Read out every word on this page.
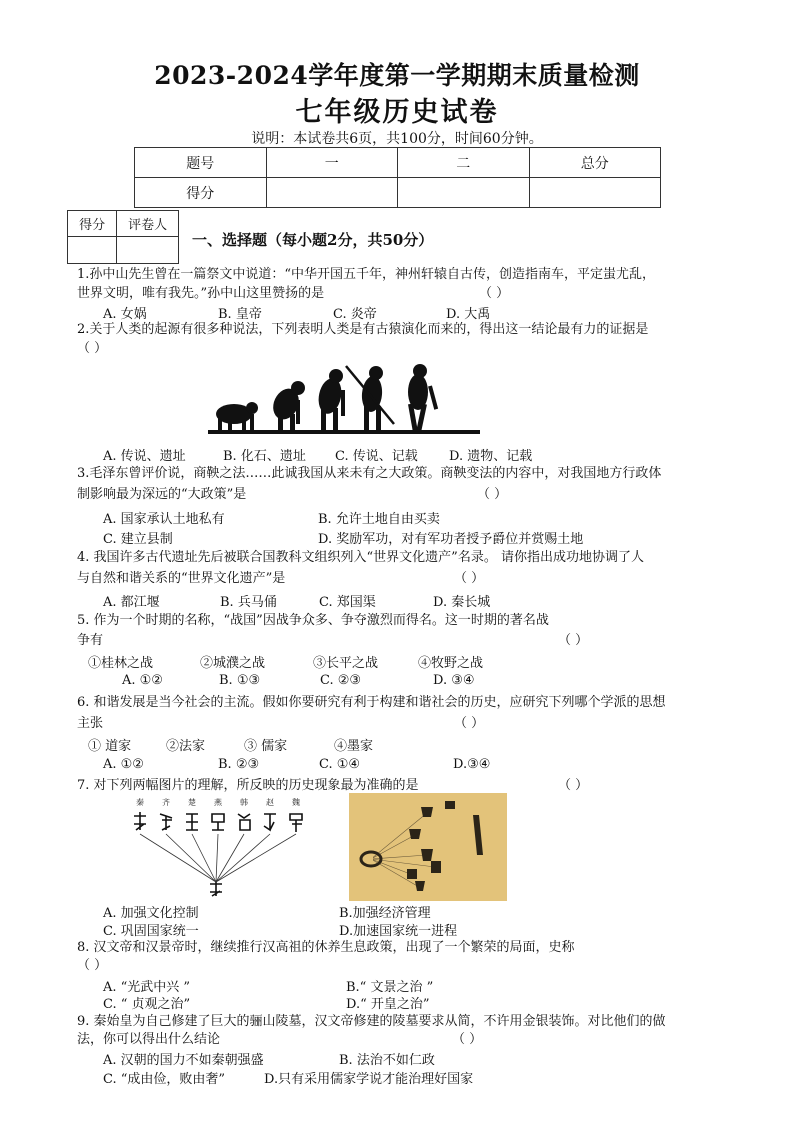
2023-2024学年度第一学期期末质量检测
七年级历史试卷
说明：本试卷共6页，共100分，时间60分钟。
题号	一	二	总分
得分			
得分	评卷人

一、选择题（每小题2分，共50分）
1.孙中山先生曾在一篇祭文中说道：“中华开国五千年，神州轩辕自古传，创造指南车，平定蚩尤乱，
世界文明，唯有我先。”孙中山这里赞扬的是	（ ）
A. 女娲	B. 皇帝	C. 炎帝	D. 大禹
2.关于人类的起源有很多种说法，下列表明人类是有古猿演化而来的，得出这一结论最有力的证据是
（ ）
A. 传说、遗址	B. 化石、遗址 C. 传说、记载 D. 遗物、记载
3.毛泽东曾评价说，商鞅之法……此诚我国从来未有之大政策。商鞅变法的内容中，对我国地方行政体
制影响最为深远的“大政策”是	（ ）
A. 国家承认土地私有	B. 允许土地自由买卖
C. 建立县制	D. 奖励军功，对有军功者授予爵位并赏赐土地
4. 我国许多古代遗址先后被联合国教科文组织列入“世界文化遗产”名录。 请你指出成功地协调了人
与自然和谐关系的“世界文化遗产”是	（ ）
A. 都江堰	B. 兵马俑	C. 郑国渠	D. 秦长城
5. 作为一个时期的名称，“战国”因战争众多、争夺激烈而得名。这一时期的著名战
争有	（ ）
①桂林之战	②城濮之战	③长平之战	④牧野之战
A. ①②	B. ①③	C. ②③	D. ③④
6. 和谐发展是当今社会的主流。假如你要研究有利于构建和谐社会的历史，应研究下列哪个学派的思想
主张	（ ）
① 道家	②法家	③ 儒家	④墨家
A. ①②	B. ②③	C. ①④	D.③④
7. 对下列两幅图片的理解，所反映的历史现象最为准确的是	（ ）
秦 齐 楚 燕 韩 赵 魏
A. 加强文化控制	B.加强经济管理
C. 巩固国家统一	D.加速国家统一进程
8. 汉文帝和汉景帝时，继续推行汉高祖的休养生息政策，出现了一个繁荣的局面，史称
（ ）
A. “光武中兴 ”	B.“ 文景之治 ”
C. “ 贞观之治”	D.“ 开皇之治”
9. 秦始皇为自己修建了巨大的骊山陵墓，汉文帝修建的陵墓要求从简，不许用金银装饰。对比他们的做
法，你可以得出什么结论	（ ）
A. 汉朝的国力不如秦朝强盛	B. 法治不如仁政
C. “成由俭，败由奢”	D.只有采用儒家学说才能治理好国家
